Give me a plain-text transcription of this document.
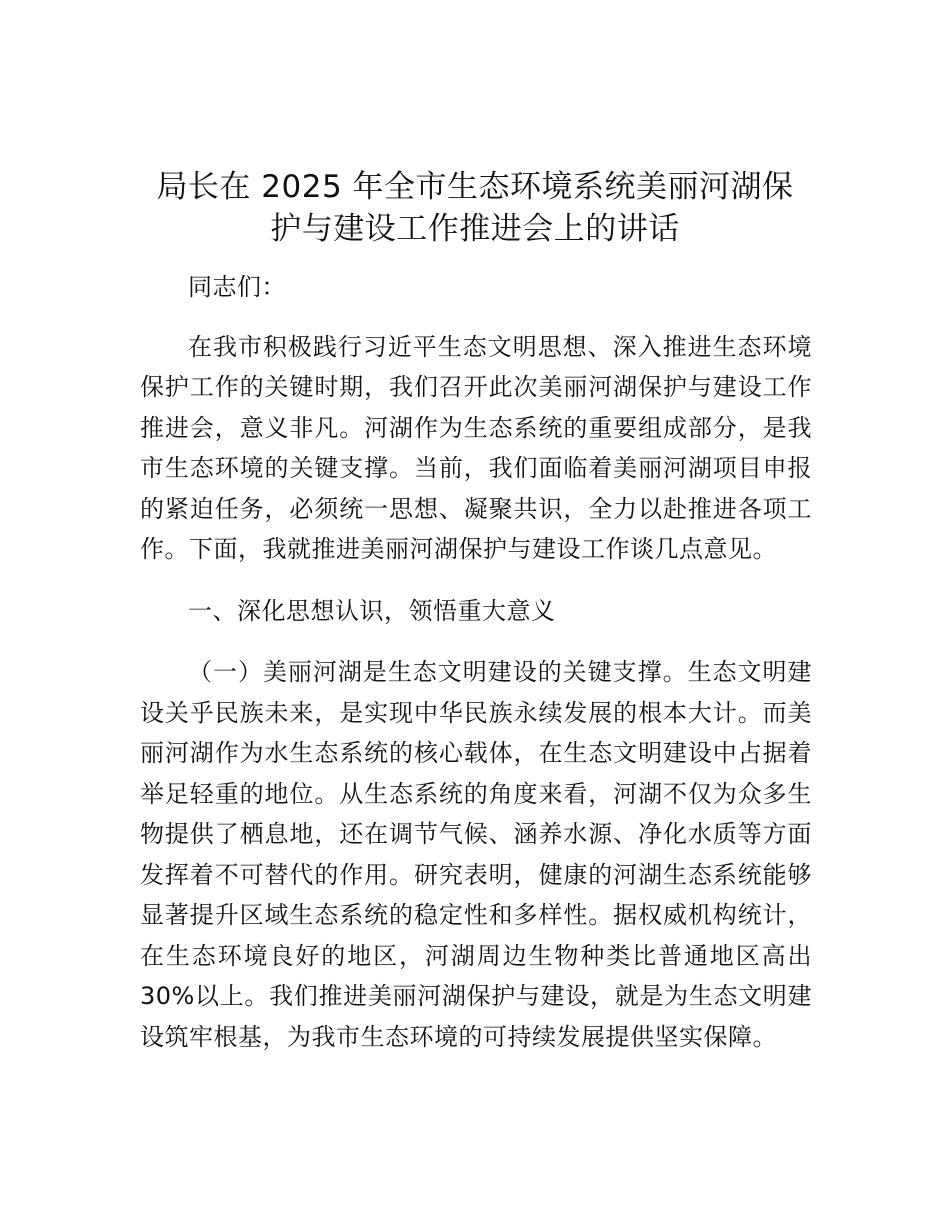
局长在 2025 年全市生态环境系统美丽河湖保
护与建设工作推进会上的讲话

同志们：

在我市积极践行习近平生态文明思想、深入推进生态环境保护工作的关键时期，我们召开此次美丽河湖保护与建设工作推进会，意义非凡。河湖作为生态系统的重要组成部分，是我市生态环境的关键支撑。当前，我们面临着美丽河湖项目申报的紧迫任务，必须统一思想、凝聚共识，全力以赴推进各项工作。下面，我就推进美丽河湖保护与建设工作谈几点意见。

一、深化思想认识，领悟重大意义

（一）美丽河湖是生态文明建设的关键支撑。生态文明建设关乎民族未来，是实现中华民族永续发展的根本大计。而美丽河湖作为水生态系统的核心载体，在生态文明建设中占据着举足轻重的地位。从生态系统的角度来看，河湖不仅为众多生物提供了栖息地，还在调节气候、涵养水源、净化水质等方面发挥着不可替代的作用。研究表明，健康的河湖生态系统能够显著提升区域生态系统的稳定性和多样性。据权威机构统计，在生态环境良好的地区，河湖周边生物种类比普通地区高出30%以上。我们推进美丽河湖保护与建设，就是为生态文明建设筑牢根基，为我市生态环境的可持续发展提供坚实保障。
